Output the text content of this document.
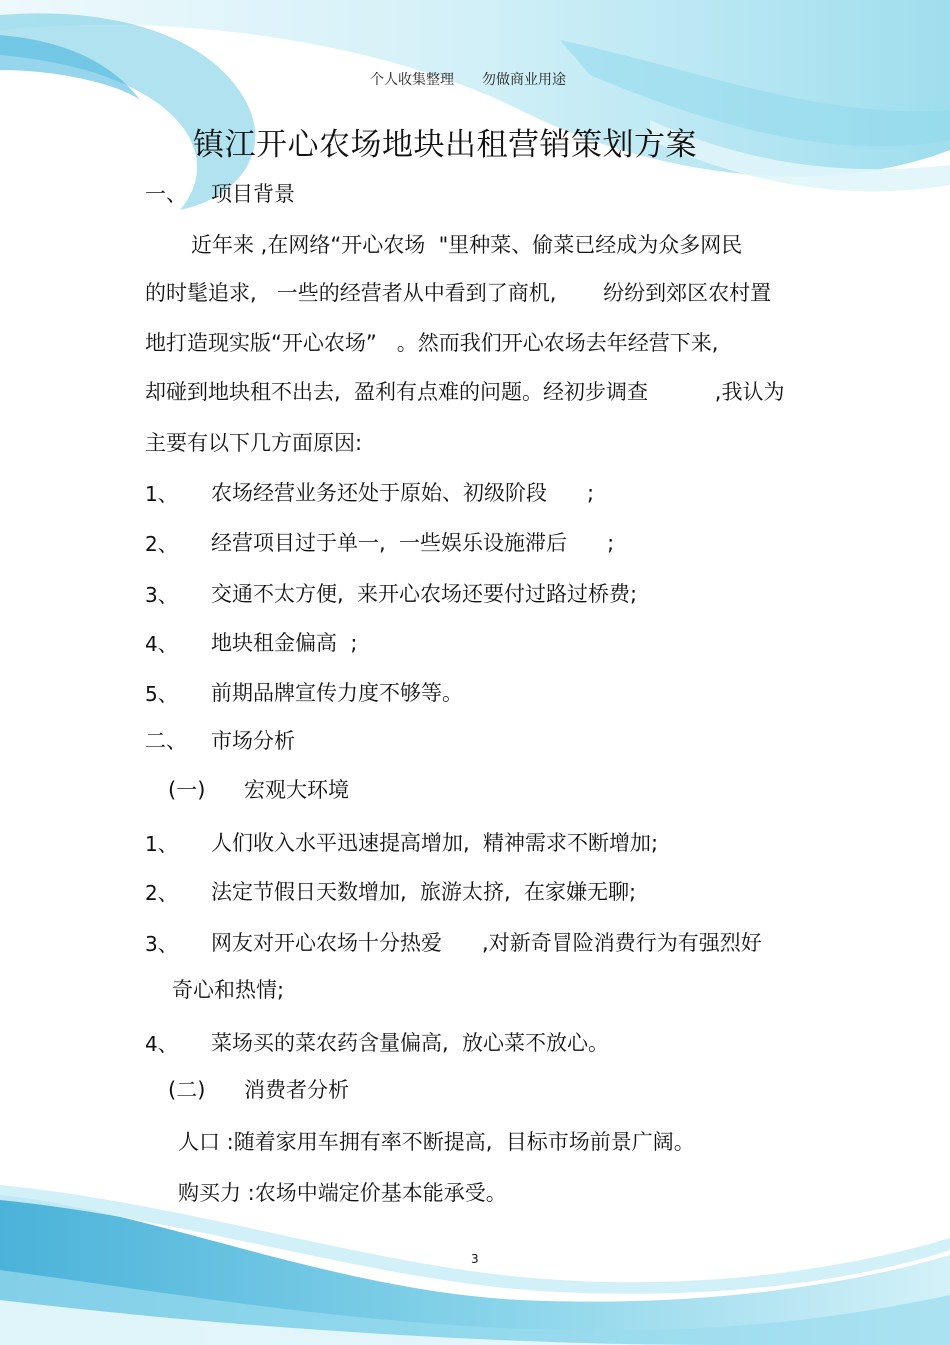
个人收集整理　　勿做商业用途
镇江开心农场地块出租营销策划方案
一、 项目背景
近年来 ,在网络“开心农场  "里种菜、偷菜已经成为众多网民
的时髦追求,   一些的经营者从中看到了商机,       纷纷到郊区农村置
地打造现实版“开心农场”   。然而我们开心农场去年经营下来,
却碰到地块租不出去,  盈利有点难的问题。经初步调查          ,我认为
主要有以下几方面原因:
1、 农场经营业务还处于原始、初级阶段      ;
2、 经营项目过于单一,  一些娱乐设施滞后      ;
3、 交通不太方便,  来开心农场还要付过路过桥费;
4、 地块租金偏高  ;
5、 前期品牌宣传力度不够等。
二、 市场分析
(一) 宏观大环境
1、 人们收入水平迅速提高增加,  精神需求不断增加;
2、 法定节假日天数增加,  旅游太挤,  在家嫌无聊;
3、 网友对开心农场十分热爱      ,对新奇冒险消费行为有强烈好
奇心和热情;
4、 菜场买的菜农药含量偏高,  放心菜不放心。
(二) 消费者分析
人口 :随着家用车拥有率不断提高,  目标市场前景广阔。
购买力 :农场中端定价基本能承受。
3
